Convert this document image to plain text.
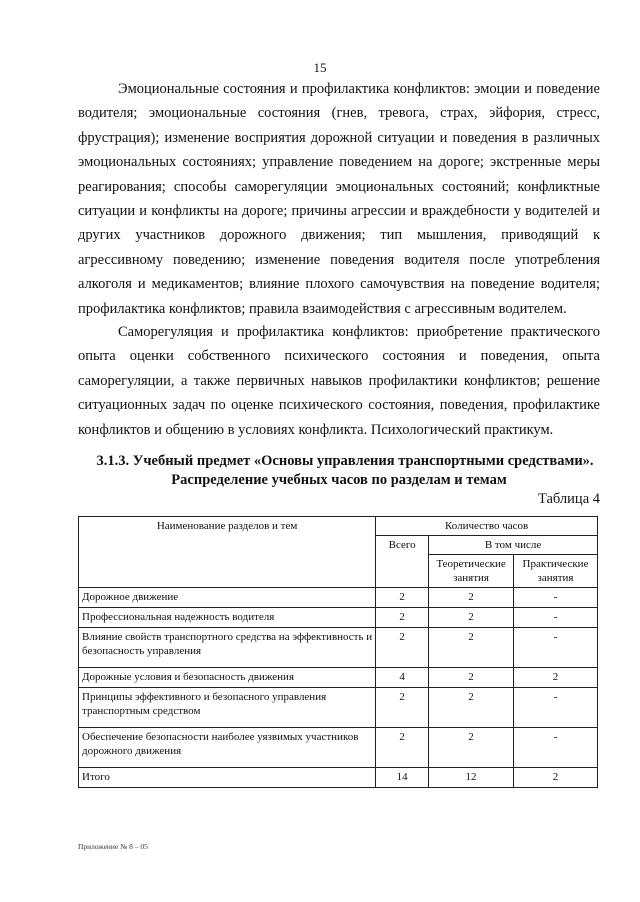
15

Эмоциональные состояния и профилактика конфликтов: эмоции и поведение водителя; эмоциональные состояния (гнев, тревога, страх, эйфория, стресс, фрустрация); изменение восприятия дорожной ситуации и поведения в различных эмоциональных состояниях; управление поведением на дороге; экстренные меры реагирования; способы саморегуляции эмоциональных состояний; конфликтные ситуации и конфликты на дороге; причины агрессии и враждебности у водителей и других участников дорожного движения; тип мышления, приводящий к агрессивному поведению; изменение поведения водителя после употребления алкоголя и медикаментов; влияние плохого самочувствия на поведение водителя; профилактика конфликтов; правила взаимодействия с агрессивным водителем.

Саморегуляция и профилактика конфликтов: приобретение практического опыта оценки собственного психического состояния и поведения, опыта саморегуляции, а также первичных навыков профилактики конфликтов; решение ситуационных задач по оценке психического состояния, поведения, профилактике конфликтов и общению в условиях конфликта. Психологический практикум.

3.1.3. Учебный предмет «Основы управления транспортными средствами».

Распределение учебных часов по разделам и темам

Таблица 4
Наименование разделов и тем	Количество часов		
	Всего	В том числе	
		Теоретические занятия	Практические занятия
Дорожное движение	2	2	-
Профессиональная надежность водителя	2	2	-
Влияние свойств транспортного средства на эффективность и безопасность управления	2	2	-
Дорожные условия и безопасность движения	4	2	2
Принципы эффективного и безопасного управления транспортным средством	2	2	-
Обеспечение безопасности наиболее уязвимых участников дорожного движения	2	2	-
Итого	14	12	2
Приложение № 8 – 05
